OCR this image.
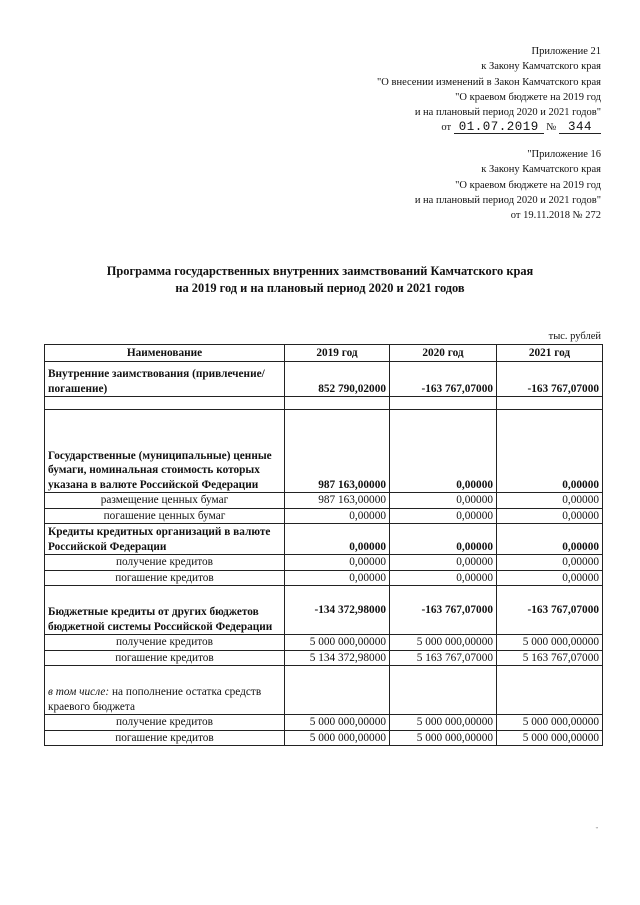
Приложение 21
к Закону Камчатского края
"О внесении изменений в Закон Камчатского края
"О краевом бюджете на 2019 год
и на плановый период 2020 и 2021 годов"
от 01.07.2019 № 344
"Приложение 16
к Закону Камчатского края
"О краевом бюджете на 2019 год
и на плановый период 2020 и 2021 годов"
от 19.11.2018 № 272
Программа государственных внутренних заимствований Камчатского края
на 2019 год и на плановый период 2020 и 2021 годов
тыс. рублей
Наименование	2019 год	2020 год	2021 год
Внутренние заимствования (привлечение/погашение)	852 790,02000	-163 767,07000	-163 767,07000

Государственные (муниципальные) ценные бумаги, номинальная стоимость которых указана в валюте Российской Федерации	987 163,00000	0,00000	0,00000
размещение ценных бумаг	987 163,00000	0,00000	0,00000
погашение ценных бумаг	0,00000	0,00000	0,00000
Кредиты кредитных организаций в валюте Российской Федерации	0,00000	0,00000	0,00000
получение кредитов	0,00000	0,00000	0,00000
погашение кредитов	0,00000	0,00000	0,00000
Бюджетные кредиты от других бюджетов бюджетной системы Российской Федерации	-134 372,98000	-163 767,07000	-163 767,07000
получение кредитов	5 000 000,00000	5 000 000,00000	5 000 000,00000
погашение кредитов	5 134 372,98000	5 163 767,07000	5 163 767,07000
в том числе: на пополнение остатка средств краевого бюджета			
получение кредитов	5 000 000,00000	5 000 000,00000	5 000 000,00000
погашение кредитов	5 000 000,00000	5 000 000,00000	5 000 000,00000
"
